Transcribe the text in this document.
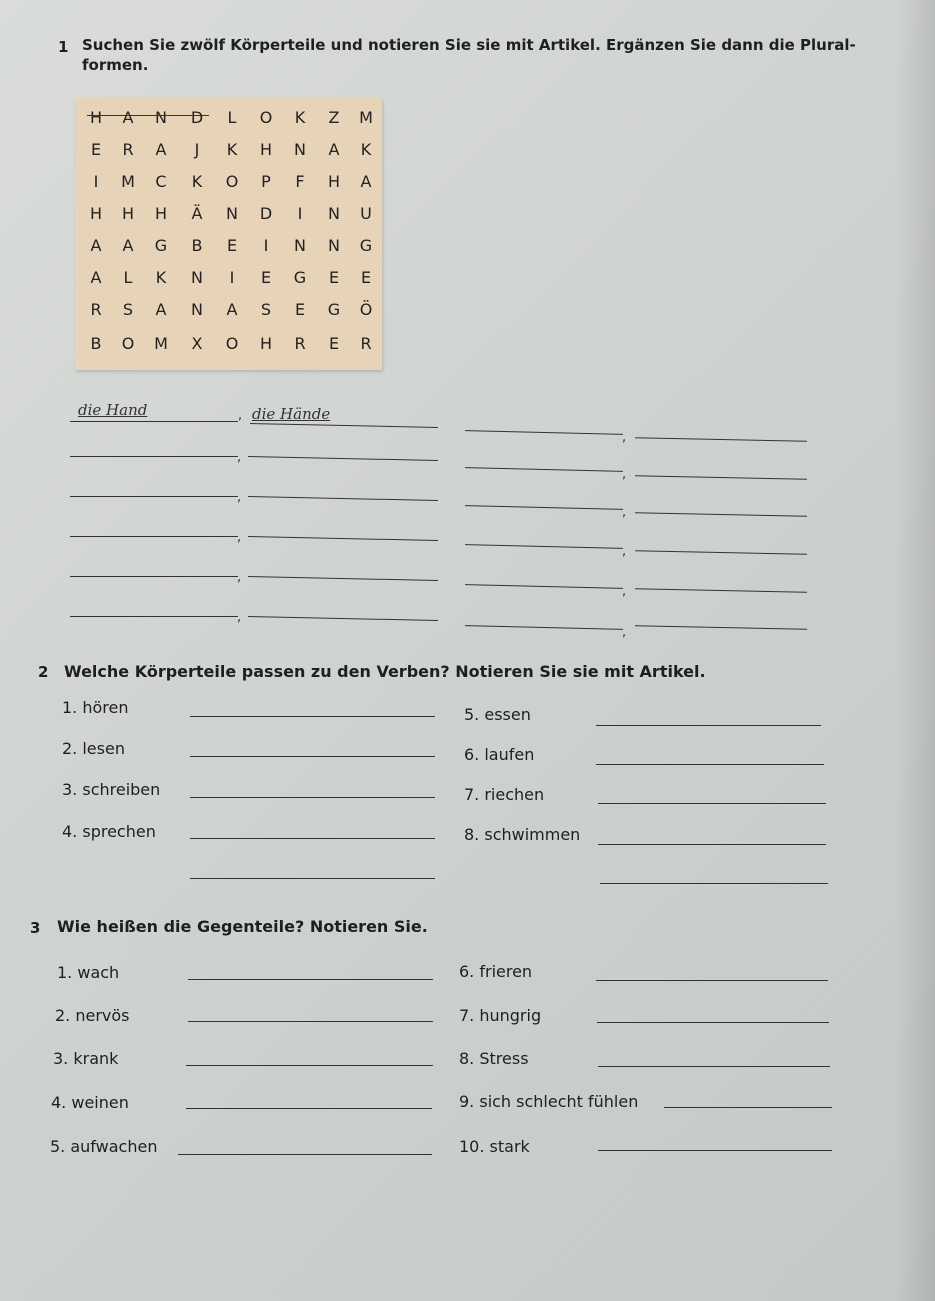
1 Suchen Sie zwölf Körperteile und notieren Sie sie mit Artikel. Ergänzen Sie dann die Plural-
formen.
H	A	N	D	L	O	K	Z	M
E	R	A	J	K	H	N	A	K
I	M	C	K	O	P	F	H	A
H	H	H	Ä	N	D	I	N	U
A	A	G	B	E	I	N	N	G
A	L	K	N	I	E	G	E	E
R	S	A	N	A	S	E	G	Ö
B	O	M	X	O	H	R	E	R
die Hand	, die Hände
,
,
,
,
,
,
,
,
,
,
,
2 Welche Körperteile passen zu den Verben? Notieren Sie sie mit Artikel.
1. hören
2. lesen
3. schreiben
4. sprechen
5. essen
6. laufen
7. riechen
8. schwimmen
3 Wie heißen die Gegenteile? Notieren Sie.
1. wach
2. nervös
3. krank
4. weinen
5. aufwachen
6. frieren
7. hungrig
8. Stress
9. sich schlecht fühlen
10. stark
